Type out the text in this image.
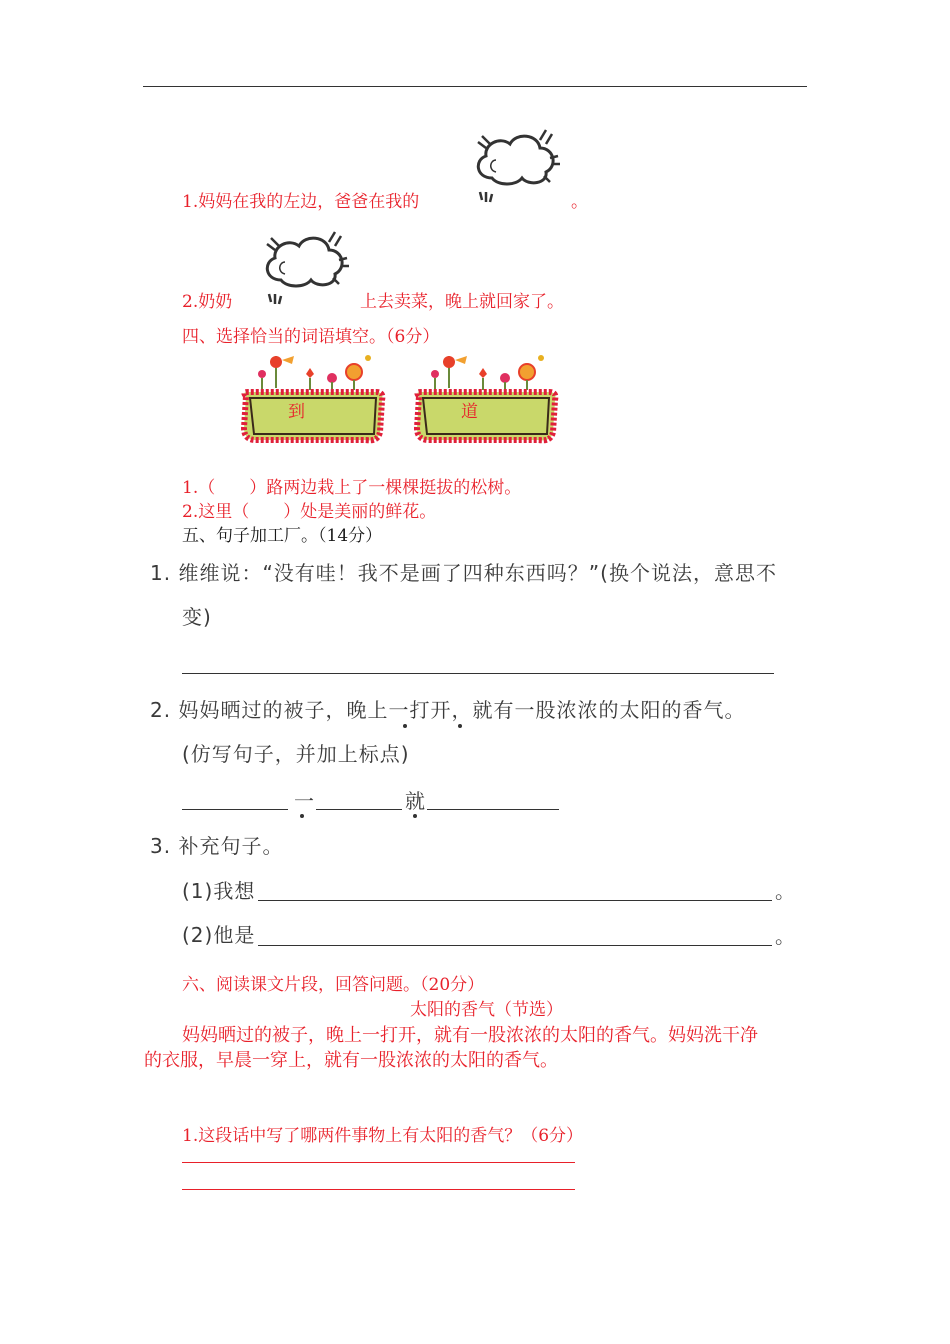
1.妈妈在我的左边，爸爸在我的	。
2.奶奶	上去卖菜，晚上就回家了。
四、选择恰当的词语填空。（6分）
到	道
1.（　　）路两边栽上了一棵棵挺拔的松树。
2.这里（　　）处是美丽的鲜花。
五、句子加工厂。（14分）
1. 维维说：“没有哇！我不是画了四种东西吗？”(换个说法，意思不
变)
2. 妈妈晒过的被子，晚上一打开，就有一股浓浓的太阳的香气。
(仿写句子，并加上标点)
一	就
3. 补充句子。
(1)我想	。
(2)他是	。
六、阅读课文片段，回答问题。（20分）
太阳的香气（节选）
妈妈晒过的被子，晚上一打开，就有一股浓浓的太阳的香气。妈妈洗干净
的衣服，早晨一穿上，就有一股浓浓的太阳的香气。
1.这段话中写了哪两件事物上有太阳的香气？（6分）
